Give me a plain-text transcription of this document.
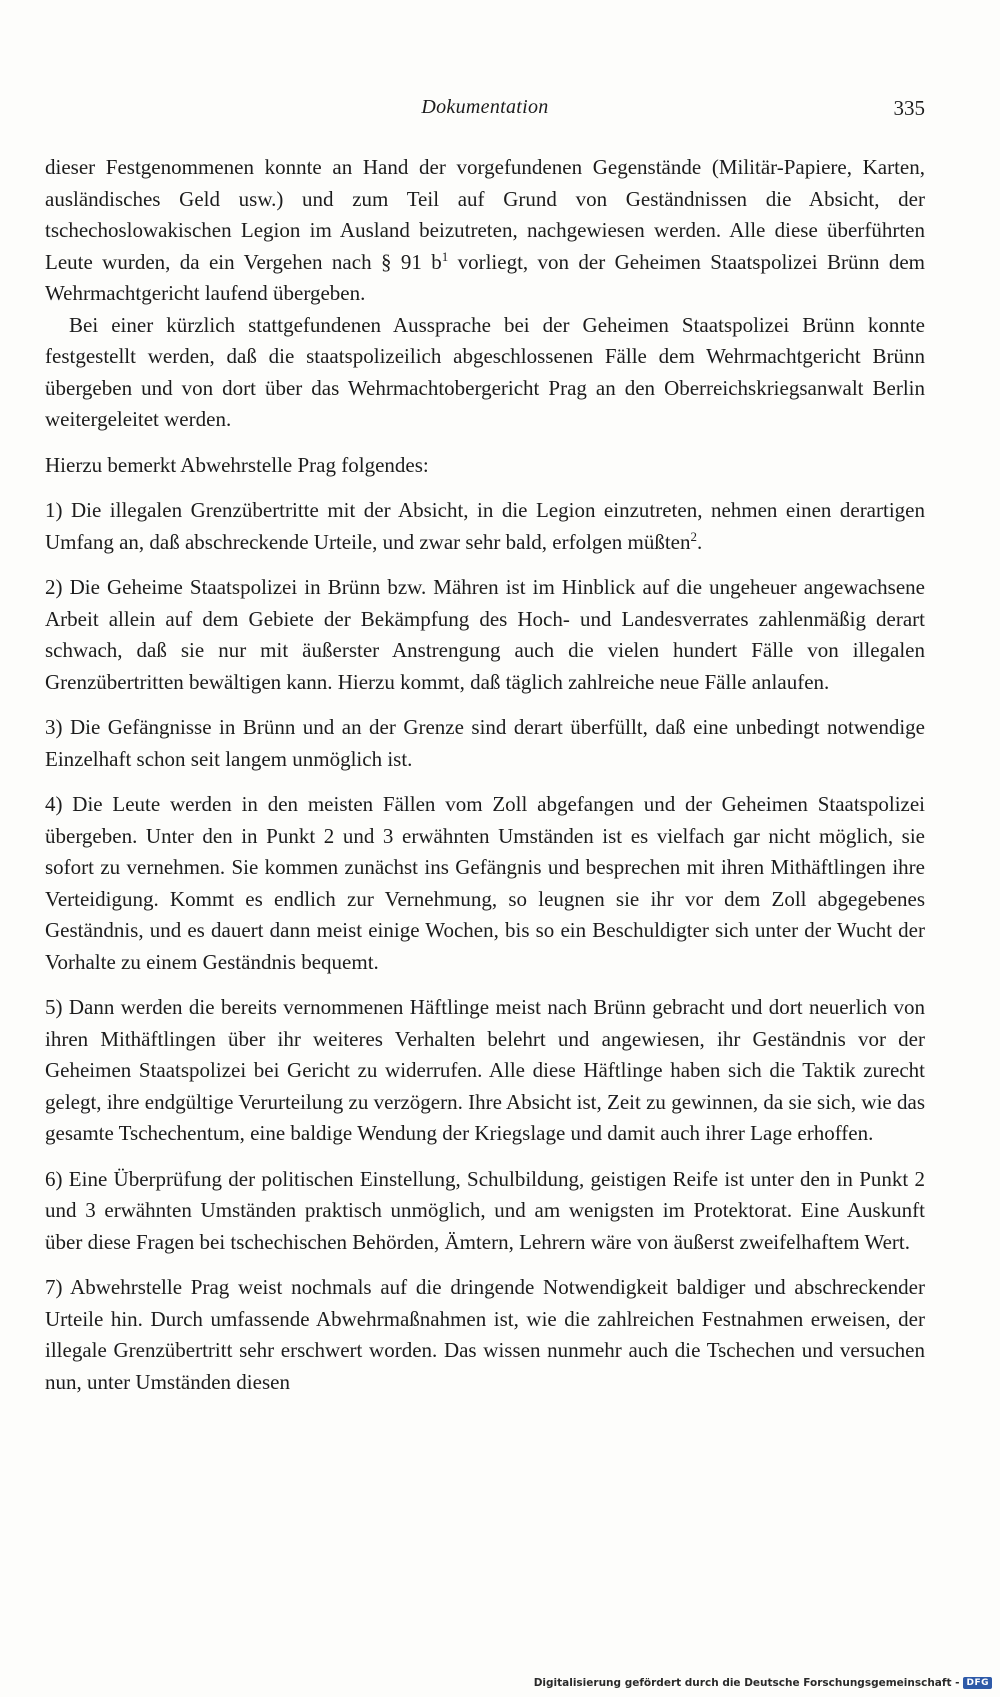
Dokumentation	335

dieser Festgenommenen konnte an Hand der vorgefundenen Gegenstände (Militär-Papiere, Karten, ausländisches Geld usw.) und zum Teil auf Grund von Geständnissen die Absicht, der tschechoslowakischen Legion im Ausland beizutreten, nachgewiesen werden. Alle diese überführten Leute wurden, da ein Vergehen nach § 91 $b^1$ vorliegt, von der Geheimen Staatspolizei Brünn dem Wehrmachtgericht laufend übergeben.

Bei einer kürzlich stattgefundenen Aussprache bei der Geheimen Staatspolizei Brünn konnte festgestellt werden, daß die staatspolizeilich abgeschlossenen Fälle dem Wehrmachtgericht Brünn übergeben und von dort über das Wehrmachtobergericht Prag an den Oberreichskriegsanwalt Berlin weitergeleitet werden.

Hierzu bemerkt Abwehrstelle Prag folgendes:

1) Die illegalen Grenzübertritte mit der Absicht, in die Legion einzutreten, nehmen einen derartigen Umfang an, daß abschreckende Urteile, und zwar sehr bald, erfolgen müßten$^2$.

2) Die Geheime Staatspolizei in Brünn bzw. Mähren ist im Hinblick auf die ungeheuer angewachsene Arbeit allein auf dem Gebiete der Bekämpfung des Hoch- und Landesverrates zahlenmäßig derart schwach, daß sie nur mit äußerster Anstrengung auch die vielen hundert Fälle von illegalen Grenzübertritten bewältigen kann. Hierzu kommt, daß täglich zahlreiche neue Fälle anlaufen.

3) Die Gefängnisse in Brünn und an der Grenze sind derart überfüllt, daß eine unbedingt notwendige Einzelhaft schon seit langem unmöglich ist.

4) Die Leute werden in den meisten Fällen vom Zoll abgefangen und der Geheimen Staatspolizei übergeben. Unter den in Punkt 2 und 3 erwähnten Umständen ist es vielfach gar nicht möglich, sie sofort zu vernehmen. Sie kommen zunächst ins Gefängnis und besprechen mit ihren Mithäftlingen ihre Verteidigung. Kommt es endlich zur Vernehmung, so leugnen sie ihr vor dem Zoll abgegebenes Geständnis, und es dauert dann meist einige Wochen, bis so ein Beschuldigter sich unter der Wucht der Vorhalte zu einem Geständnis bequemt.

5) Dann werden die bereits vernommenen Häftlinge meist nach Brünn gebracht und dort neuerlich von ihren Mithäftlingen über ihr weiteres Verhalten belehrt und angewiesen, ihr Geständnis vor der Geheimen Staatspolizei bei Gericht zu widerrufen. Alle diese Häftlinge haben sich die Taktik zurecht gelegt, ihre endgültige Verurteilung zu verzögern. Ihre Absicht ist, Zeit zu gewinnen, da sie sich, wie das gesamte Tschechentum, eine baldige Wendung der Kriegslage und damit auch ihrer Lage erhoffen.

6) Eine Überprüfung der politischen Einstellung, Schulbildung, geistigen Reife ist unter den in Punkt 2 und 3 erwähnten Umständen praktisch unmöglich, und am wenigsten im Protektorat. Eine Auskunft über diese Fragen bei tschechischen Behörden, Ämtern, Lehrern wäre von äußerst zweifelhaftem Wert.

7) Abwehrstelle Prag weist nochmals auf die dringende Notwendigkeit baldiger und abschreckender Urteile hin. Durch umfassende Abwehrmaßnahmen ist, wie die zahlreichen Festnahmen erweisen, der illegale Grenzübertritt sehr erschwert worden. Das wissen nunmehr auch die Tschechen und versuchen nun, unter Umständen diesen

Digitalisierung gefördert durch die Deutsche Forschungsgemeinschaft - DFG
